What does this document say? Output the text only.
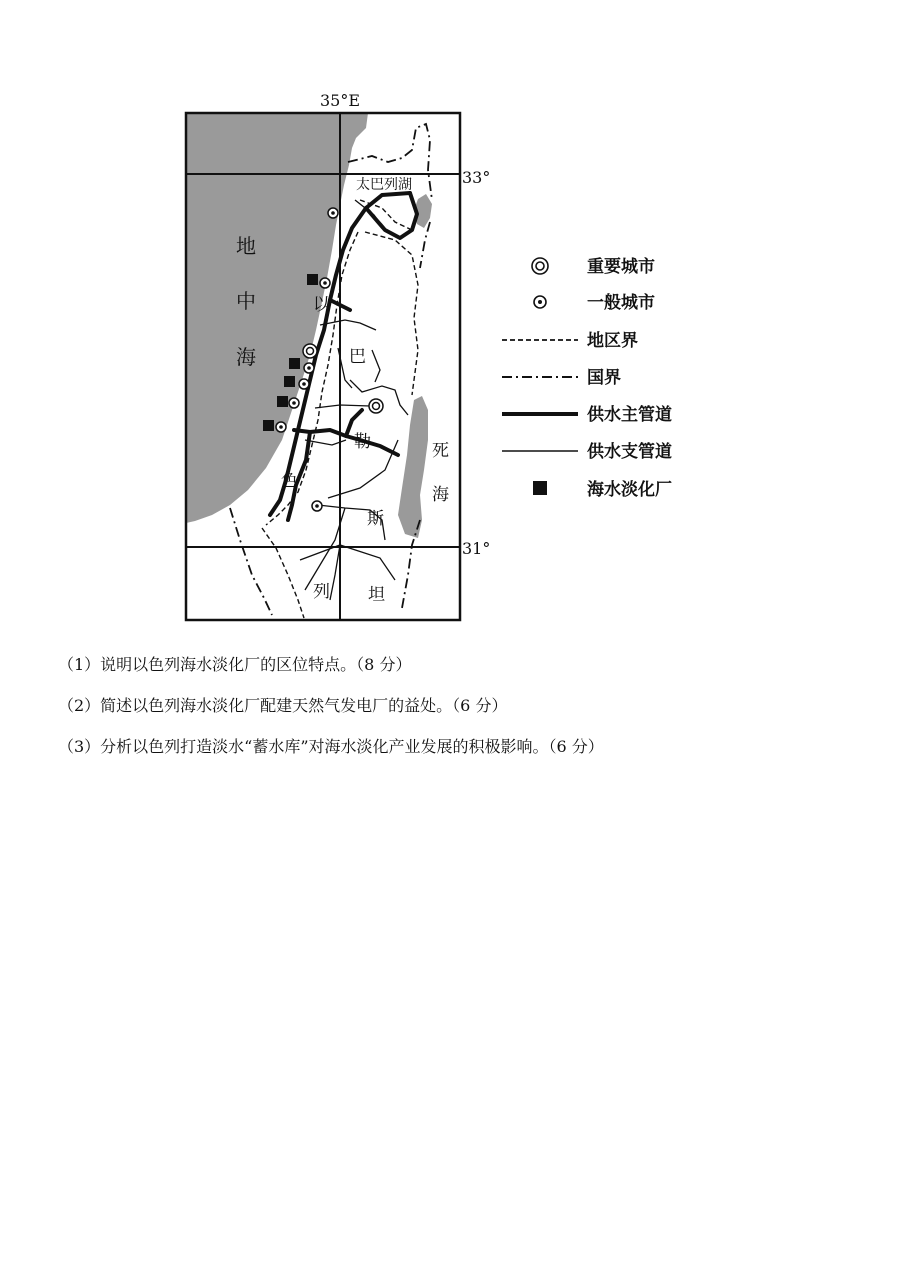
35°E
33°
31°
太巴列湖
地
中
海
以
巴
勒
色
斯
列 坦
死
海
重要城市
一般城市
地区界
国界
供水主管道
供水支管道
海水淡化厂
（1）说明以色列海水淡化厂的区位特点。（8 分）
（2）简述以色列海水淡化厂配建天然气发电厂的益处。（6 分）
（3）分析以色列打造淡水“蓄水库”对海水淡化产业发展的积极影响。（6 分）
